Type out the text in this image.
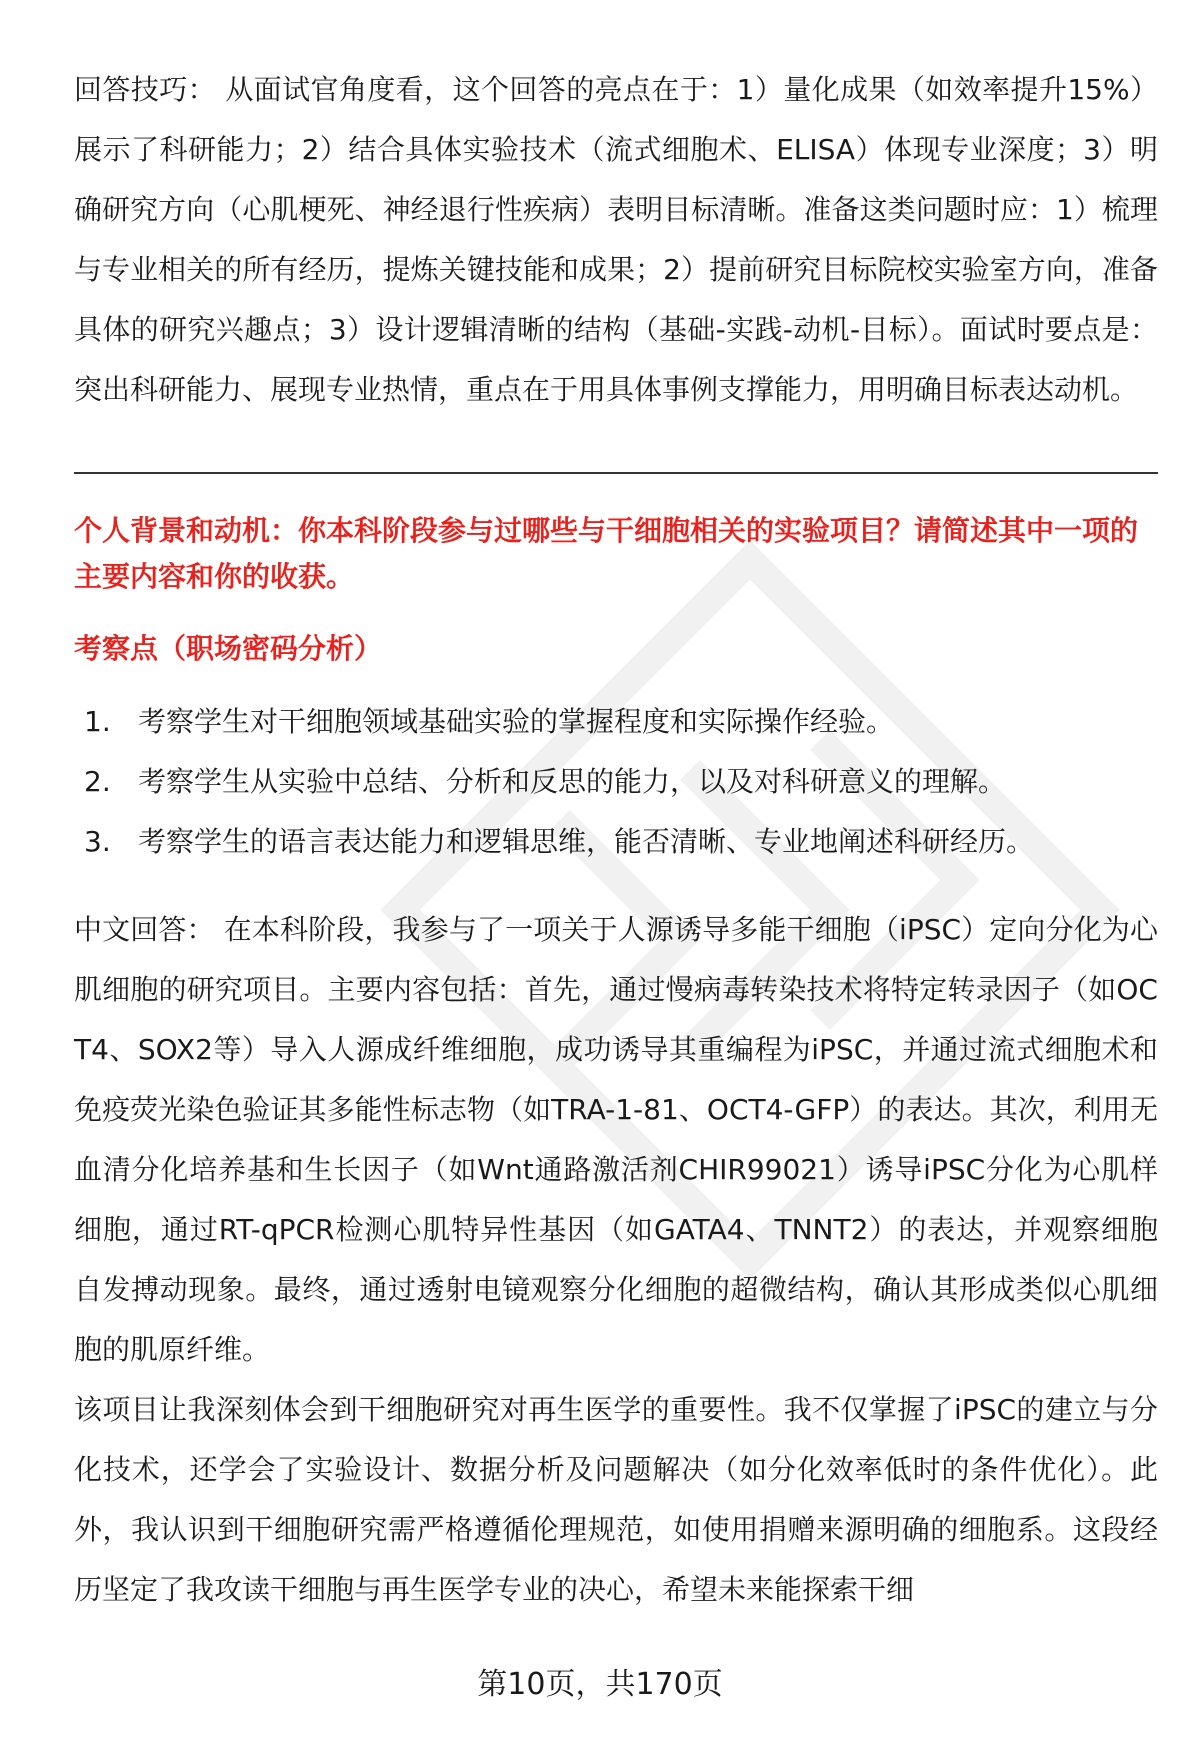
回答技巧： 从面试官角度看，这个回答的亮点在于：1）量化成果（如效率提升15%）展示了科研能力；2）结合具体实验技术（流式细胞术、ELISA）体现专业深度；3）明确研究方向（心肌梗死、神经退行性疾病）表明目标清晰。准备这类问题时应：1）梳理与专业相关的所有经历，提炼关键技能和成果；2）提前研究目标院校实验室方向，准备具体的研究兴趣点；3）设计逻辑清晰的结构（基础-实践-动机-目标）。面试时要点是：突出科研能力、展现专业热情，重点在于用具体事例支撑能力，用明确目标表达动机。

个人背景和动机：你本科阶段参与过哪些与干细胞相关的实验项目？请简述其中一项的主要内容和你的收获。

考察点（职场密码分析）
1. 考察学生对干细胞领域基础实验的掌握程度和实际操作经验。
2. 考察学生从实验中总结、分析和反思的能力，以及对科研意义的理解。
3. 考察学生的语言表达能力和逻辑思维，能否清晰、专业地阐述科研经历。

中文回答： 在本科阶段，我参与了一项关于人源诱导多能干细胞（iPSC）定向分化为心肌细胞的研究项目。主要内容包括：首先，通过慢病毒转染技术将特定转录因子（如OCT4、SOX2等）导入人源成纤维细胞，成功诱导其重编程为iPSC，并通过流式细胞术和免疫荧光染色验证其多能性标志物（如TRA-1-81、OCT4-GFP）的表达。其次，利用无血清分化培养基和生长因子（如Wnt通路激活剂CHIR99021）诱导iPSC分化为心肌样细胞，通过RT-qPCR检测心肌特异性基因（如GATA4、TNNT2）的表达，并观察细胞自发搏动现象。最终，通过透射电镜观察分化细胞的超微结构，确认其形成类似心肌细胞的肌原纤维。

该项目让我深刻体会到干细胞研究对再生医学的重要性。我不仅掌握了iPSC的建立与分化技术，还学会了实验设计、数据分析及问题解决（如分化效率低时的条件优化）。此外，我认识到干细胞研究需严格遵循伦理规范，如使用捐赠来源明确的细胞系。这段经历坚定了我攻读干细胞与再生医学专业的决心，希望未来能探索干细

第10页，共170页
